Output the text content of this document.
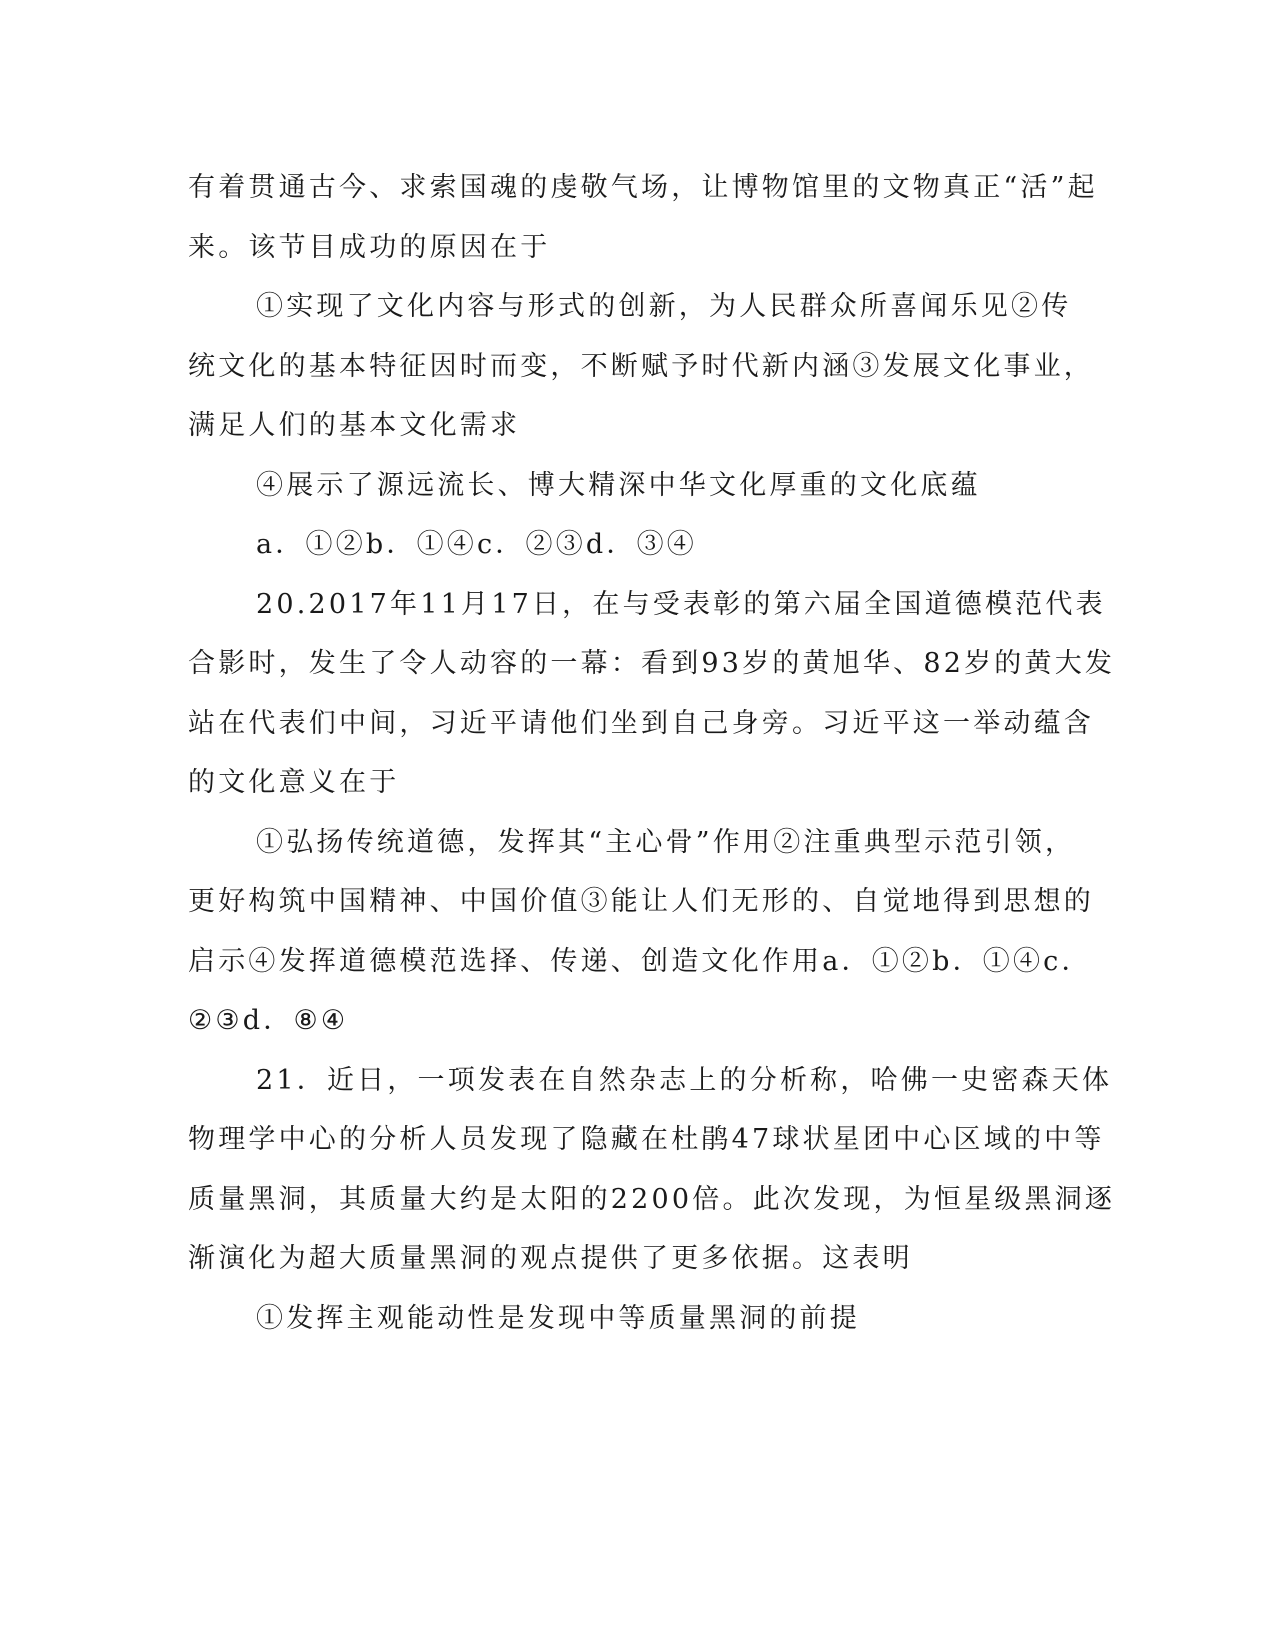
有着贯通古今、求索国魂的虔敬气场，让博物馆里的文物真正“活”起
来。该节目成功的原因在于
①实现了文化内容与形式的创新，为人民群众所喜闻乐见②传
统文化的基本特征因时而变，不断赋予时代新内涵③发展文化事业，
满足人们的基本文化需求
④展示了源远流长、博大精深中华文化厚重的文化底蕴
a．①②b．①④c．②③d．③④
20.2017年11月17日，在与受表彰的第六届全国道德模范代表
合影时，发生了令人动容的一幕：看到93岁的黄旭华、82岁的黄大发
站在代表们中间，习近平请他们坐到自己身旁。习近平这一举动蕴含
的文化意义在于
①弘扬传统道德，发挥其“主心骨”作用②注重典型示范引领，
更好构筑中国精神、中国价值③能让人们无形的、自觉地得到思想的
启示④发挥道德模范选择、传递、创造文化作用a．①②b．①④c．
②③d．⑧④
21．近日，一项发表在自然杂志上的分析称，哈佛一史密森天体
物理学中心的分析人员发现了隐藏在杜鹃47球状星团中心区域的中等
质量黑洞，其质量大约是太阳的2200倍。此次发现，为恒星级黑洞逐
渐演化为超大质量黑洞的观点提供了更多依据。这表明
①发挥主观能动性是发现中等质量黑洞的前提
